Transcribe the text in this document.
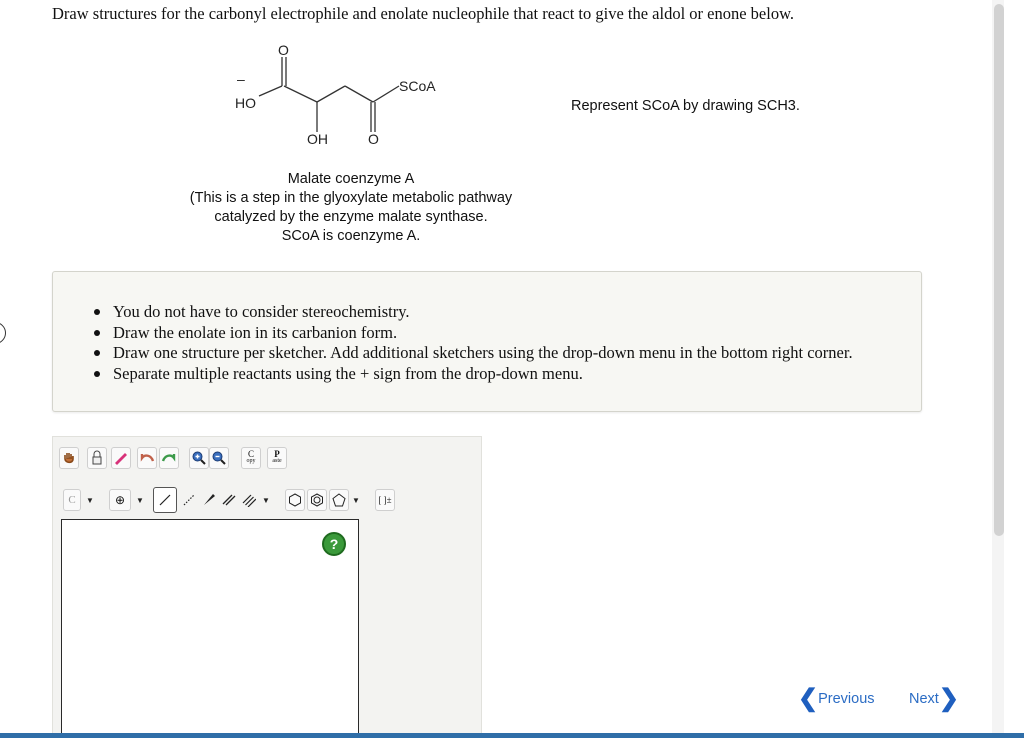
Draw structures for the carbonyl electrophile and enolate nucleophile that react to give the aldol or enone below.
HO
O
–
OH	O
SCoA
Malate coenzyme A
(This is a step in the glyoxylate metabolic pathway
catalyzed by the enzyme malate synthase.
SCoA is coenzyme A.
Represent SCoA by drawing SCH3.
You do not have to consider stereochemistry.
Draw the enolate ion in its carbanion form.
Draw one structure per sketcher. Add additional sketchers using the drop-down menu in the bottom right corner.
Separate multiple reactants using the + sign from the drop-down menu.
C
opy
P
aste
C	▼	⊕	▼	▼	▼	[ ]±
?
❮ Previous Next ❯
